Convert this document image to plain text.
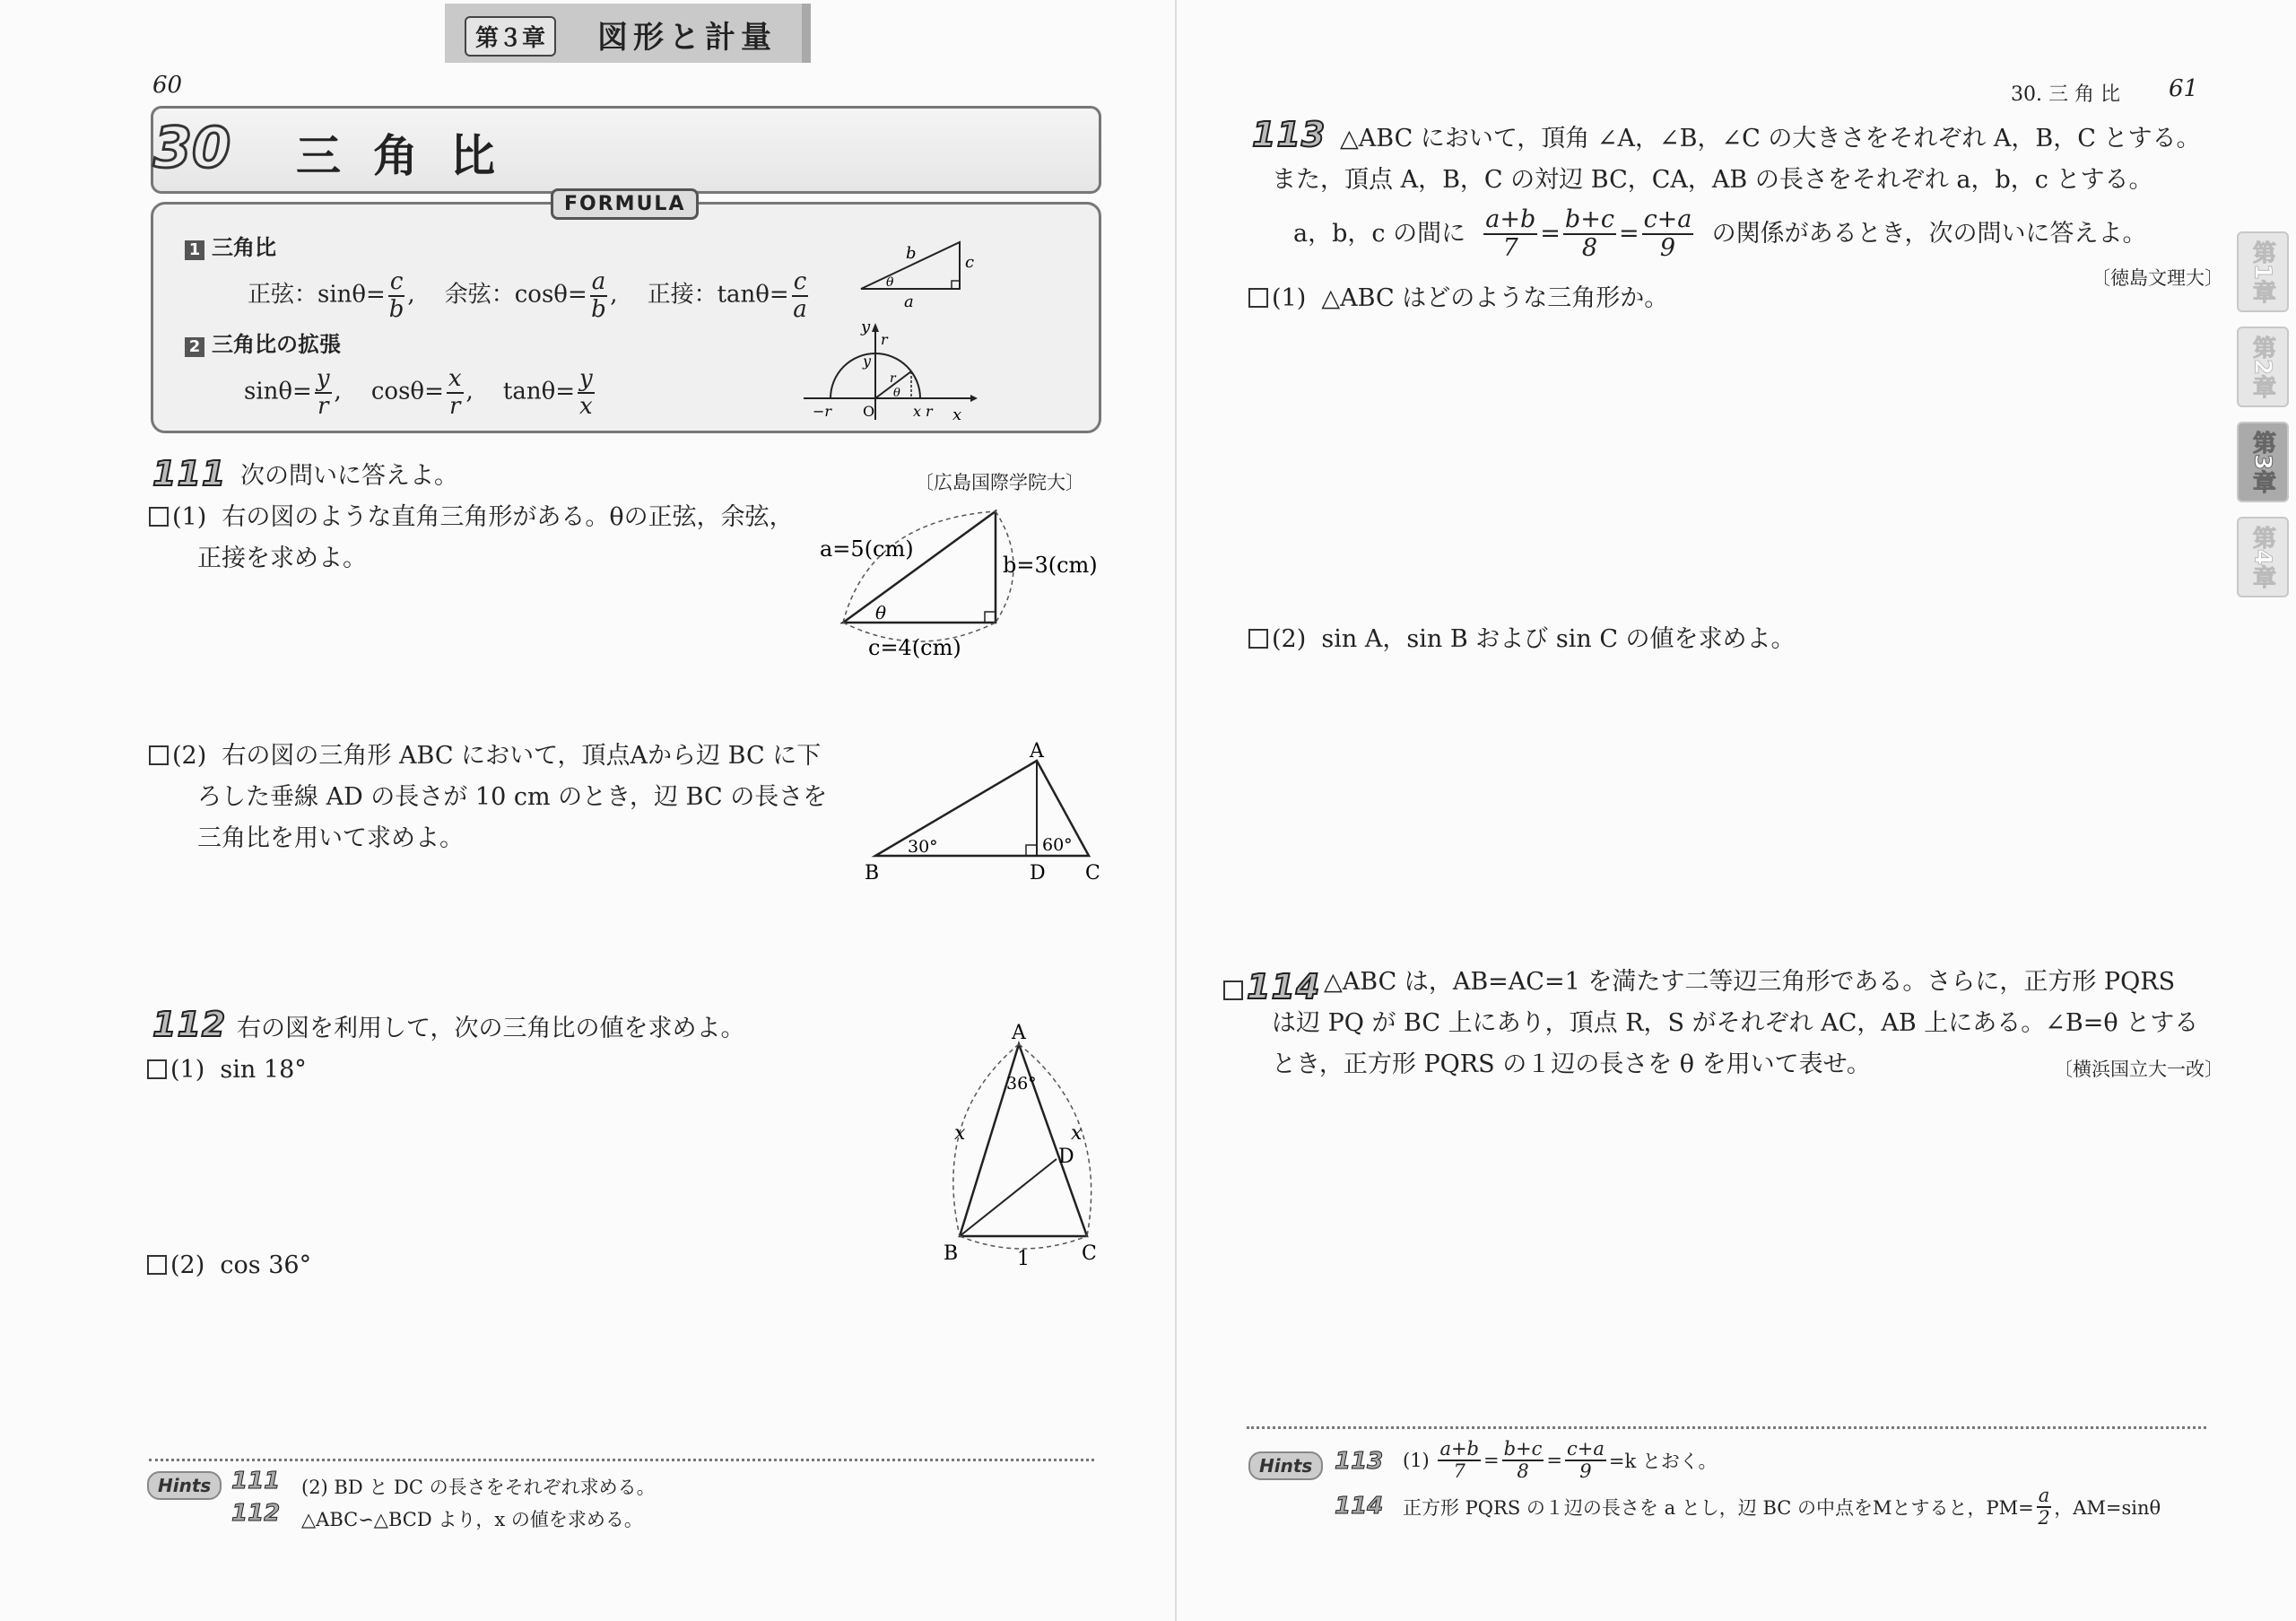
第３章	図形と計量
60
30 三角比
FORMULA
1 三角比
正弦：$\sin\theta= \frac{c}{b}$ ,    余弦：$\cos\theta= \frac{a}{b}$ ,    正接：$\tan\theta= \frac{c}{a}$
2 三角比の拡張
$\sin\theta= \frac{y}{r}$ ,    $\cos\theta= \frac{x}{r}$ ,    $\tan\theta= \frac{y}{x}$
b	c
a
θ
y
r
y
r
θ
−r O	x r x
111 次の問いに答えよ。	〔広島国際学院大〕
(1) 右の図のような直角三角形がある。θの正弦，余弦，
正接を求めよ。	a=5(cm)
b=3(cm)
c=4(cm)
θ
(2) 右の図の三角形 ABC において，頂点Aから辺 BC に下
ろした垂線 AD の長さが 10 cm のとき，辺 BC の長さを
三角比を用いて求めよ。
A
B	C
D
30°	60°
112 右の図を利用して，次の三角比の値を求めよ。
(1) sin 18°
(2) cos 36°
A
B	C
D
36°
x	x
1
Hints 111 (2) BD と DC の長さをそれぞれ求める。
112 △ABC∽△BCD より，x の値を求める。
30. 三 角 比 61
113 △ABC において，頂角 ∠A，∠B，∠C の大きさをそれぞれ A，B，C とする。
また，頂点 A，B，C の対辺 BC，CA，AB の長さをそれぞれ a，b，c とする。
a，b，c の間に
$\frac{a+b}{7} = \frac{b+c}{8} = \frac{c+a}{9}$
の関係があるとき，次の問いに答えよ。
〔徳島文理大〕
(1) △ABC はどのような三角形か。
(2) sin A，sin B および sin C の値を求めよ。
114 △ABC は，AB=AC=1 を満たす二等辺三角形である。さらに，正方形 PQRS
は辺 PQ が BC 上にあり，頂点 R，S がそれぞれ AC，AB 上にある。∠B=θ とする
とき，正方形 PQRS の１辺の長さを θ を用いて表せ。	〔横浜国立大一改〕
Hints 113 (1)
$\frac{a+b}{7} = \frac{b+c}{8} = \frac{c+a}{9} =k$ とおく。
114 正方形 PQRS の１辺の長さを a とし，辺 BC の中点をMとすると，$PM= \frac{a}{2}$ ，AM=sinθ
第1章
第2章
第3章
第4章
